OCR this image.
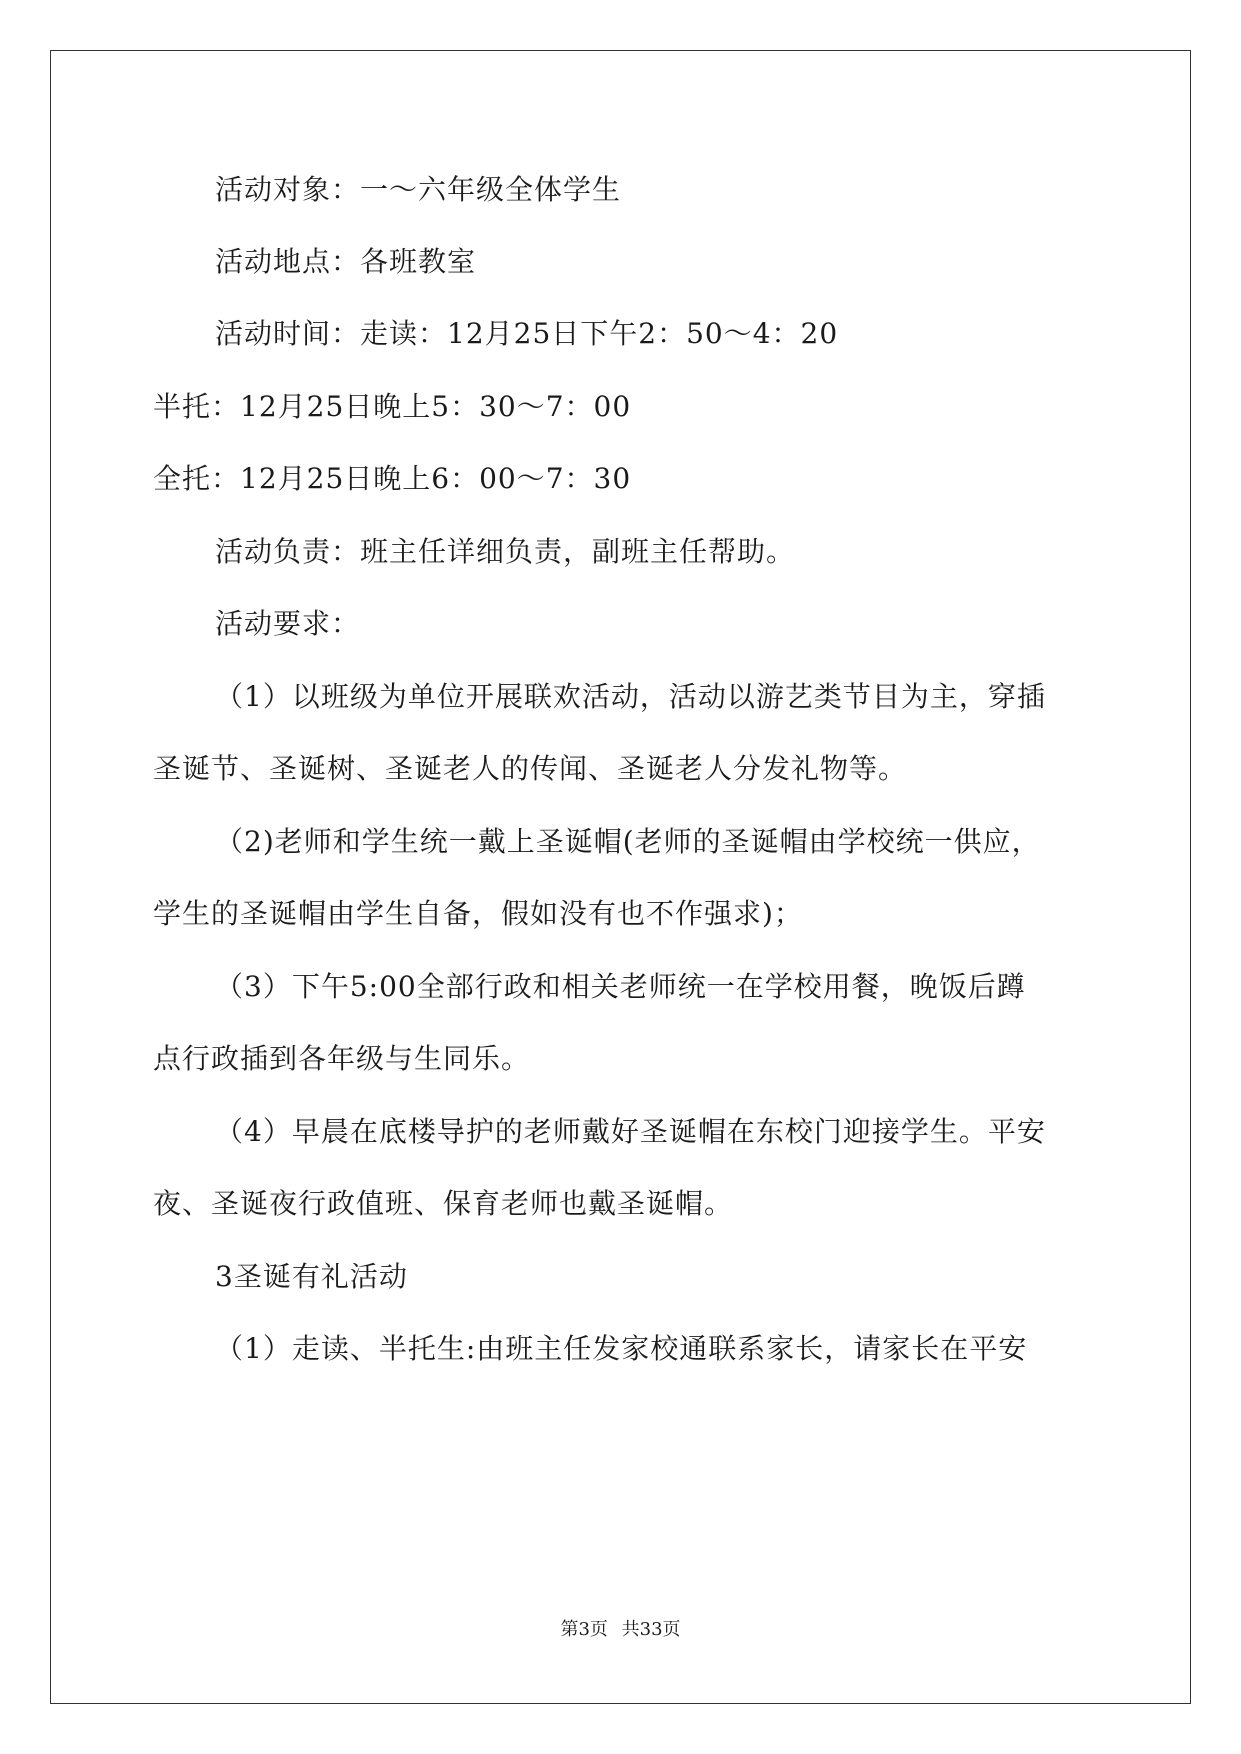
活动对象：一～六年级全体学生
活动地点：各班教室
活动时间：走读：12月25日下午2：50～4：20
半托：12月25日晚上5：30～7：00
全托：12月25日晚上6：00～7：30
活动负责：班主任详细负责，副班主任帮助。
活动要求：
（1）以班级为单位开展联欢活动，活动以游艺类节目为主，穿插
圣诞节、圣诞树、圣诞老人的传闻、圣诞老人分发礼物等。
（2)老师和学生统一戴上圣诞帽(老师的圣诞帽由学校统一供应，
学生的圣诞帽由学生自备，假如没有也不作强求)；
（3）下午5:00全部行政和相关老师统一在学校用餐，晚饭后蹲
点行政插到各年级与生同乐。
（4）早晨在底楼导护的老师戴好圣诞帽在东校门迎接学生。平安
夜、圣诞夜行政值班、保育老师也戴圣诞帽。
3圣诞有礼活动
（1）走读、半托生:由班主任发家校通联系家长，请家长在平安
第3页 共33页
